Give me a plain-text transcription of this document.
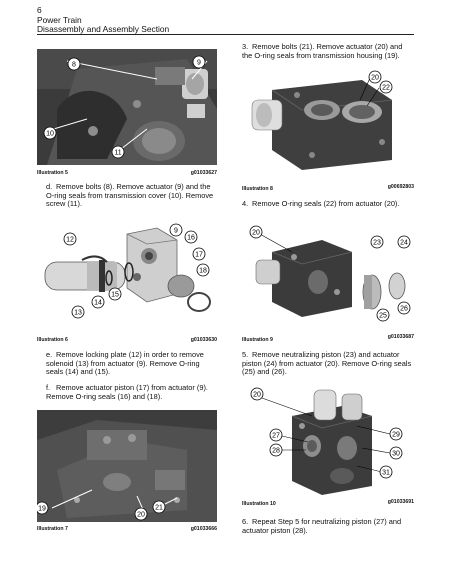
6
Power Train
Disassembly and Assembly Section
8	9
10
11
Illustration 5	g01033627
d. Remove bolts (8). Remove actuator (9) and the O-ring seals from transmission cover (10). Remove screw (11).
9
12
13
14
15
16
17
18
Illustration 6	g01033630
e. Remove locking plate (12) in order to remove solenoid (13) from actuator (9). Remove O-ring seals (14) and (15).
f. Remove actuator piston (17) from actuator (9). Remove O-ring seals (16) and (18).
19
20
21
Illustration 7	g01033666
3. Remove bolts (21). Remove actuator (20) and the O-ring seals from transmission housing (19).
20
22
Illustration 8	g00692803
4. Remove O-ring seals (22) from actuator (20).
20
23	24
25
26
Illustration 9	g01033687
5. Remove neutralizing piston (23) and actuator piston (24) from actuator (20). Remove O-ring seals (25) and (26).
20
27
28
29
30
31
Illustration 10	g01033691
6. Repeat Step 5 for neutralizing piston (27) and actuator piston (28).
